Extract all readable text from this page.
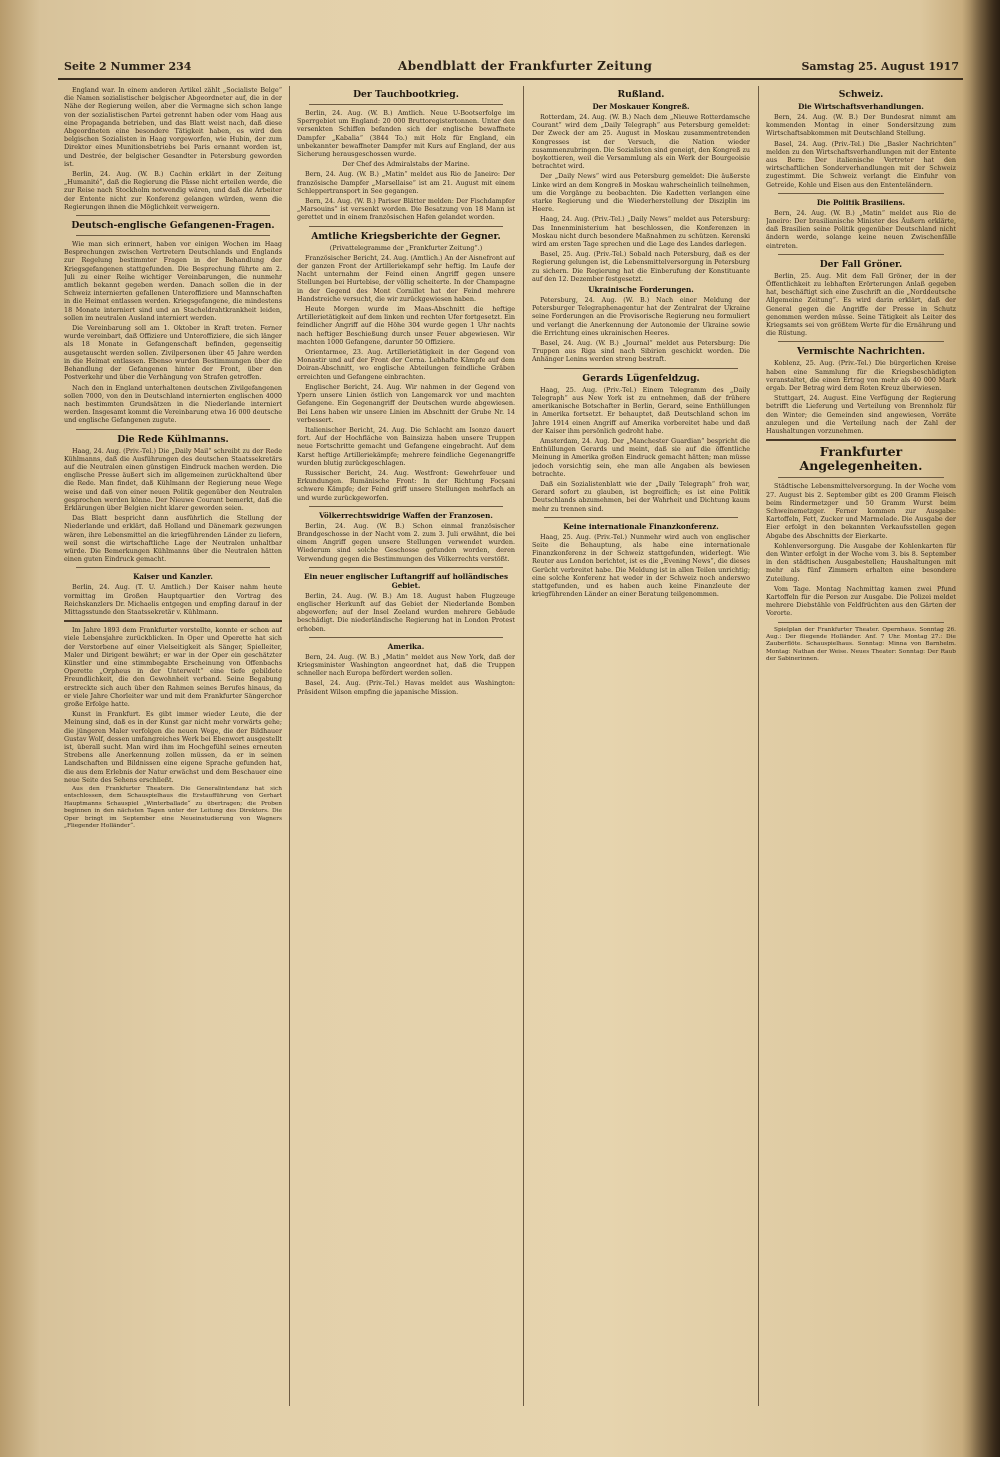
Seite 2 Nummer 234	Abendblatt der Frankfurter Zeitung	Samstag 25. August 1917

England war. In einem anderen Artikel zählt „Socialiste Belge“ die Namen sozialistischer belgischer Abgeordneter auf, die in der Nähe der Regierung weilen, aber die Vermagne sich schon lange von der sozialistischen Partei getrennt haben oder vom Haag aus eine Propaganda betrieben, und das Blatt weist nach, daß diese Abgeordneten eine besondere Tätigkeit haben, es wird den belgischen Sozialisten in Haag vorgeworfen, wie Hubin, der zum Direktor eines Munitionsbetriebs bei Paris ernannt worden ist, und Destrée, der belgischer Gesandter in Petersburg geworden ist.

Berlin, 24. Aug. (W. B.) Cachin erklärt in der Zeitung „Humanité“, daß die Regierung die Pässe nicht erteilen werde, die zur Reise nach Stockholm notwendig wären, und daß die Arbeiter der Entente nicht zur Konferenz gelangen würden, wenn die Regierungen ihnen die Möglichkeit verweigern.

Deutsch-englische Gefangenen-Fragen.

Wie man sich erinnert, haben vor einigen Wochen im Haag Besprechungen zwischen Vertretern Deutschlands und Englands zur Regelung bestimmter Fragen in der Behandlung der Kriegsgefangenen stattgefunden. Die Besprechung führte am 2. Juli zu einer Reihe wichtiger Vereinbarungen, die nunmehr amtlich bekannt gegeben werden. Danach sollen die in der Schweiz internierten gefallenen Unteroffiziere und Mannschaften in die Heimat entlassen werden. Kriegsgefangene, die mindestens 18 Monate interniert sind und an Stacheldrahtkrankheit leiden, sollen im neutralen Ausland interniert werden.

Die Vereinbarung soll am 1. Oktober in Kraft treten. Ferner wurde vereinbart, daß Offiziere und Unteroffiziere, die sich länger als 18 Monate in Gefangenschaft befinden, gegenseitig ausgetauscht werden sollen. Zivilpersonen über 45 Jahre werden in die Heimat entlassen. Ebenso wurden Bestimmungen über die Behandlung der Gefangenen hinter der Front, über den Postverkehr und über die Verhängung von Strafen getroffen.

Nach den in England unterhaltenen deutschen Zivilgefangenen sollen 7000, von den in Deutschland internierten englischen 4000 nach bestimmten Grundsätzen in die Niederlande interniert werden. Insgesamt kommt die Vereinbarung etwa 16 000 deutsche und englische Gefangenen zugute.

Die Rede Kühlmanns.

Haag, 24. Aug. (Priv.-Tel.) Die „Daily Mail“ schreibt zu der Rede Kühlmanns, daß die Ausführungen des deutschen Staatssekretärs auf die Neutralen einen günstigen Eindruck machen werden. Die englische Presse äußert sich im allgemeinen zurückhaltend über die Rede. Man findet, daß Kühlmann der Regierung neue Wege weise und daß von einer neuen Politik gegenüber den Neutralen gesprochen werden könne. Der Nieuwe Courant bemerkt, daß die Erklärungen über Belgien nicht klarer geworden seien.

Das Blatt bespricht dann ausführlich die Stellung der Niederlande und erklärt, daß Holland und Dänemark gezwungen wären, ihre Lebensmittel an die kriegführenden Länder zu liefern, weil sonst die wirtschaftliche Lage der Neutralen unhaltbar würde. Die Bemerkungen Kühlmanns über die Neutralen hätten einen guten Eindruck gemacht.

Kaiser und Kanzler.

Berlin, 24. Aug. (T. U. Amtlich.) Der Kaiser nahm heute vormittag im Großen Hauptquartier den Vortrag des Reichskanzlers Dr. Michaelis entgegen und empfing darauf in der Mittagsstunde den Staatssekretär v. Kühlmann.

Im Jahre 1893 dem Frankfurter vorstellte, konnte er schon auf viele Lebensjahre zurückblicken. In Oper und Operette hat sich der Verstorbene auf einer Vielseitigkeit als Sänger, Spielleiter, Maler und Dirigent bewährt; er war in der Oper ein geschätzter Künstler und eine stimmbegabte Erscheinung von Offenbachs Operette „Orpheus in der Unterwelt“ eine tiefe gebildete Freundlichkeit, die den Gewohnheit verband. Seine Begabung erstreckte sich auch über den Rahmen seines Berufes hinaus, da er viele Jahre Chorleiter war und mit dem Frankfurter Sängerchor große Erfolge hatte.

Kunst in Frankfurt. Es gibt immer wieder Leute, die der Meinung sind, daß es in der Kunst gar nicht mehr vorwärts gehe; die jüngeren Maler verfolgen die neuen Wege, die der Bildhauer Gustav Wolf, dessen umfangreiches Werk bei Ebenwort ausgestellt ist, überall sucht. Man wird ihm im Hochgefühl seines erneuten Strebens alle Anerkennung zollen müssen, da er in seinen Landschaften und Bildnissen eine eigene Sprache gefunden hat, die aus dem Erlebnis der Natur erwächst und dem Beschauer eine neue Seite des Sehens erschließt.

Aus den Frankfurter Theatern. Die Generalintendanz hat sich entschlossen, dem Schauspielhaus die Erstaufführung von Gerhart Hauptmanns Schauspiel „Winterballade“ zu übertragen; die Proben beginnen in den nächsten Tagen unter der Leitung des Direktors. Die Oper bringt im September eine Neueinstudierung von Wagners „Fliegender Holländer“.

Der Tauchbootkrieg.

Berlin, 24. Aug. (W. B.) Amtlich. Neue U-Bootserfolge im Sperrgebiet um England: 20 000 Bruttoregistertonnen. Unter den versenkten Schiffen befanden sich der englische bewaffnete Dampfer „Kabalia“ (3844 To.) mit Holz für England, ein unbekannter bewaffneter Dampfer mit Kurs auf England, der aus Sicherung herausgeschossen wurde.

Der Chef des Admiralstabs der Marine.

Bern, 24. Aug. (W. B.) „Matin“ meldet aus Rio de Janeiro: Der französische Dampfer „Marsellaise“ ist am 21. August mit einem Schleppertransport in See gegangen.

Bern, 24. Aug. (W. B.) Pariser Blätter melden: Der Fischdampfer „Marsouins“ ist versenkt worden. Die Besatzung von 18 Mann ist gerettet und in einem französischen Hafen gelandet worden.

Amtliche Kriegsberichte der Gegner.

(Privattelegramme der „Frankfurter Zeitung“.)

Französischer Bericht, 24. Aug. (Amtlich.) An der Aisnefront auf der ganzen Front der Artilleriekampf sehr heftig. Im Laufe der Nacht unternahm der Feind einen Angriff gegen unsere Stellungen bei Hurtebise, der völlig scheiterte. In der Champagne in der Gegend des Mont Cornillet hat der Feind mehrere Handstreiche versucht, die wir zurückgewiesen haben.

Heute Morgen wurde im Maas-Abschnitt die heftige Artillerietätigkeit auf dem linken und rechten Ufer fortgesetzt. Ein feindlicher Angriff auf die Höhe 304 wurde gegen 1 Uhr nachts nach heftiger Beschießung durch unser Feuer abgewiesen. Wir machten 1000 Gefangene, darunter 50 Offiziere.

Orientarmee, 23. Aug. Artillerietätigkeit in der Gegend von Monastir und auf der Front der Cerna. Lebhafte Kämpfe auf dem Doiran-Abschnitt, wo englische Abteilungen feindliche Gräben erreichten und Gefangene einbrachten.

Englischer Bericht, 24. Aug. Wir nahmen in der Gegend von Ypern unsere Linien östlich von Langemarck vor und machten Gefangene. Ein Gegenangriff der Deutschen wurde abgewiesen. Bei Lens haben wir unsere Linien im Abschnitt der Grube Nr. 14 verbessert.

Italienischer Bericht, 24. Aug. Die Schlacht am Isonzo dauert fort. Auf der Hochfläche von Bainsizza haben unsere Truppen neue Fortschritte gemacht und Gefangene eingebracht. Auf dem Karst heftige Artilleriekämpfe; mehrere feindliche Gegenangriffe wurden blutig zurückgeschlagen.

Russischer Bericht, 24. Aug. Westfront: Gewehrfeuer und Erkundungen. Rumänische Front: In der Richtung Focșani schwere Kämpfe; der Feind griff unsere Stellungen mehrfach an und wurde zurückgeworfen.

Völkerrechtswidrige Waffen der Franzosen.

Berlin, 24. Aug. (W. B.) Schon einmal französischer Brandgeschosse in der Nacht vom 2. zum 3. Juli erwähnt, die bei einem Angriff gegen unsere Stellungen verwendet wurden. Wiederum sind solche Geschosse gefunden worden, deren Verwendung gegen die Bestimmungen des Völkerrechts verstößt.

Ein neuer englischer Luftangriff auf holländisches Gebiet.

Berlin, 24. Aug. (W. B.) Am 18. August haben Flugzeuge englischer Herkunft auf das Gebiet der Niederlande Bomben abgeworfen; auf der Insel Zeeland wurden mehrere Gebäude beschädigt. Die niederländische Regierung hat in London Protest erhoben.

Amerika.

Bern, 24. Aug. (W. B.) „Matin“ meldet aus New York, daß der Kriegsminister Washington angeordnet hat, daß die Truppen schneller nach Europa befördert werden sollen.

Basel, 24. Aug. (Priv.-Tel.) Havas meldet aus Washington: Präsident Wilson empfing die japanische Mission.

Rußland.
Der Moskauer Kongreß.

Rotterdam, 24. Aug. (W. B.) Nach dem „Nieuwe Rotterdamsche Courant“ wird dem „Daily Telegraph“ aus Petersburg gemeldet: Der Zweck der am 25. August in Moskau zusammentretenden Kongresses ist der Versuch, die Nation wieder zusammenzubringen. Die Sozialisten sind geneigt, den Kongreß zu boykottieren, weil die Versammlung als ein Werk der Bourgeoisie betrachtet wird.

Der „Daily News“ wird aus Petersburg gemeldet: Die äußerste Linke wird an dem Kongreß in Moskau wahrscheinlich teilnehmen, um die Vorgänge zu beobachten. Die Kadetten verlangen eine starke Regierung und die Wiederherstellung der Disziplin im Heere.

Haag, 24. Aug. (Priv.-Tel.) „Daily News“ meldet aus Petersburg: Das Innenministerium hat beschlossen, die Konferenzen in Moskau nicht durch besondere Maßnahmen zu schützen. Kerenski wird am ersten Tage sprechen und die Lage des Landes darlegen.

Basel, 25. Aug. (Priv.-Tel.) Sobald nach Petersburg, daß es der Regierung gelungen ist, die Lebensmittelversorgung in Petersburg zu sichern. Die Regierung hat die Einberufung der Konstituante auf den 12. Dezember festgesetzt.

Ukrainische Forderungen.

Petersburg, 24. Aug. (W. B.) Nach einer Meldung der Petersburger Telegraphenagentur hat der Zentralrat der Ukraine seine Forderungen an die Provisorische Regierung neu formuliert und verlangt die Anerkennung der Autonomie der Ukraine sowie die Errichtung eines ukrainischen Heeres.

Basel, 24. Aug. (W. B.) „Journal“ meldet aus Petersburg: Die Truppen aus Riga sind nach Sibirien geschickt worden. Die Anhänger Lenins werden streng bestraft.

Gerards Lügenfeldzug.

Haag, 25. Aug. (Priv.-Tel.) Einem Telegramm des „Daily Telegraph“ aus New York ist zu entnehmen, daß der frühere amerikanische Botschafter in Berlin, Gerard, seine Enthüllungen in Amerika fortsetzt. Er behauptet, daß Deutschland schon im Jahre 1914 einen Angriff auf Amerika vorbereitet habe und daß der Kaiser ihm persönlich gedroht habe.

Amsterdam, 24. Aug. Der „Manchester Guardian“ bespricht die Enthüllungen Gerards und meint, daß sie auf die öffentliche Meinung in Amerika großen Eindruck gemacht hätten; man müsse jedoch vorsichtig sein, ehe man alle Angaben als bewiesen betrachte.

Daß ein Sozialistenblatt wie der „Daily Telegraph“ froh war, Gerard sofort zu glauben, ist begreiflich; es ist eine Politik Deutschlands abzumehmen, bei der Wahrheit und Dichtung kaum mehr zu trennen sind.

Keine internationale Finanzkonferenz.

Haag, 25. Aug. (Priv.-Tel.) Nunmehr wird auch von englischer Seite die Behauptung, als habe eine internationale Finanzkonferenz in der Schweiz stattgefunden, widerlegt. Wie Reuter aus London berichtet, ist es die „Evening News“, die dieses Gerücht verbreitet habe. Die Meldung ist in allen Teilen unrichtig; eine solche Konferenz hat weder in der Schweiz noch anderswo stattgefunden, und es haben auch keine Finanzleute der kriegführenden Länder an einer Beratung teilgenommen.

Schweiz.
Die Wirtschaftsverhandlungen.

Bern, 24. Aug. (W. B.) Der Bundesrat nimmt am kommenden Montag in einer Sondersitzung zum Wirtschaftsabkommen mit Deutschland Stellung.

Basel, 24. Aug. (Priv.-Tel.) Die „Basler Nachrichten“ melden zu den Wirtschaftsverhandlungen mit der Entente aus Bern: Der italienische Vertreter hat den wirtschaftlichen Sonderverhandlungen mit der Schweiz zugestimmt. Die Schweiz verlangt die Einfuhr von Getreide, Kohle und Eisen aus den Ententeländern.

Die Politik Brasiliens.

Bern, 24. Aug. (W. B.) „Matin“ meldet aus Rio de Janeiro: Der brasilianische Minister des Äußern erklärte, daß Brasilien seine Politik gegenüber Deutschland nicht ändern werde, solange keine neuen Zwischenfälle eintreten.

Der Fall Gröner.

Berlin, 25. Aug. Mit dem Fall Gröner, der in der Öffentlichkeit zu lebhaften Erörterungen Anlaß gegeben hat, beschäftigt sich eine Zuschrift an die „Norddeutsche Allgemeine Zeitung“. Es wird darin erklärt, daß der General gegen die Angriffe der Presse in Schutz genommen werden müsse. Seine Tätigkeit als Leiter des Kriegsamts sei von größtem Werte für die Ernährung und die Rüstung.

Vermischte Nachrichten.

Koblenz, 25. Aug. (Priv.-Tel.) Die bürgerlichen Kreise haben eine Sammlung für die Kriegsbeschädigten veranstaltet, die einen Ertrag von mehr als 40 000 Mark ergab. Der Betrag wird dem Roten Kreuz überwiesen.

Stuttgart, 24. August. Eine Verfügung der Regierung betrifft die Lieferung und Verteilung von Brennholz für den Winter; die Gemeinden sind angewiesen, Vorräte anzulegen und die Verteilung nach der Zahl der Haushaltungen vorzunehmen.

Frankfurter Angelegenheiten.

Städtische Lebensmittelversorgung. In der Woche vom 27. August bis 2. September gibt es 200 Gramm Fleisch beim Rindermetzger und 50 Gramm Wurst beim Schweinemetzger. Ferner kommen zur Ausgabe: Kartoffeln, Fett, Zucker und Marmelade. Die Ausgabe der Eier erfolgt in den bekannten Verkaufsstellen gegen Abgabe des Abschnitts der Eierkarte.

Kohlenversorgung. Die Ausgabe der Kohlenkarten für den Winter erfolgt in der Woche vom 3. bis 8. September in den städtischen Ausgabestellen; Haushaltungen mit mehr als fünf Zimmern erhalten eine besondere Zuteilung.

Vom Tage. Montag Nachmittag kamen zwei Pfund Kartoffeln für die Person zur Ausgabe. Die Polizei meldet mehrere Diebstähle von Feldfrüchten aus den Gärten der Vororte.

Spielplan der Frankfurter Theater. Opernhaus. Sonntag 26. Aug.: Der fliegende Holländer. Anf. 7 Uhr. Montag 27.: Die Zauberflöte. Schauspielhaus. Sonntag: Minna von Barnhelm. Montag: Nathan der Weise. Neues Theater: Sonntag: Der Raub der Sabinerinnen.
